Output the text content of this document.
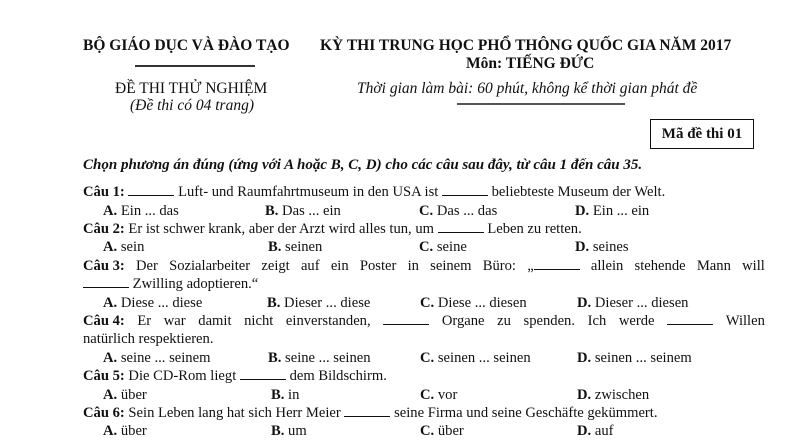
BỘ GIÁO DỤC VÀ ĐÀO TẠO KỲ THI TRUNG HỌC PHỔ THÔNG QUỐC GIA NĂM 2017
Môn: TIẾNG ĐỨC
ĐỀ THI THỬ NGHIỆM	Thời gian làm bài: 60 phút, không kể thời gian phát đề
(Đề thi có 04 trang)
Mã đề thi 01
Chọn phương án đúng (ứng với A hoặc B, C, D) cho các câu sau đây, từ câu 1 đến câu 35.
Câu 1:	Luft- und Raumfahrtmuseum in den USA ist	beliebteste Museum der Welt.
A. Ein ... das	B. Das ... ein	C. Das ... das	D. Ein ... ein
Câu 2: Er ist schwer krank, aber der Arzt wird alles tun, um	Leben zu retten.
A. sein	B. seinen	C. seine	D. seines
Câu 3: Der Sozialarbeiter zeigt auf ein Poster in seinem Büro: „	allein stehende Mann will
Zwilling adoptieren.“
A. Diese ... diese	B. Dieser ... diese	C. Diese ... diesen	D. Dieser ... diesen
Câu 4: Er war damit nicht einverstanden,	Organe zu spenden. Ich werde	Willen
natürlich respektieren.
A. seine ... seinem	B. seine ... seinen	C. seinen ... seinen	D. seinen ... seinem
Câu 5: Die CD-Rom liegt	dem Bildschirm.
A. über	B. in	C. vor	D. zwischen
Câu 6: Sein Leben lang hat sich Herr Meier	seine Firma und seine Geschäfte gekümmert.
A. über	B. um	C. über	D. auf
